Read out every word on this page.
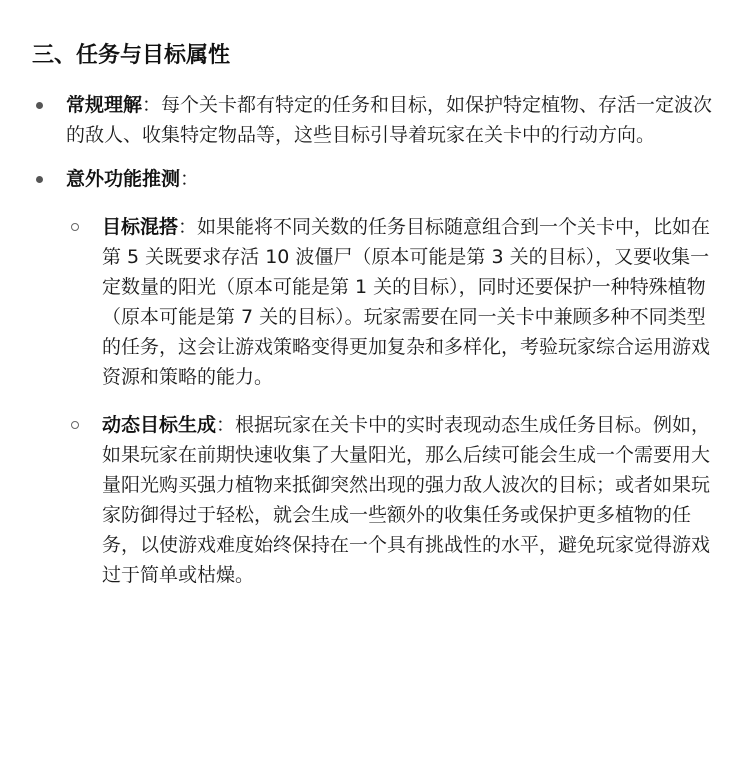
三、任务与目标属性
常规理解：每个关卡都有特定的任务和目标，如保护特定植物、存活一定波次的敌人、收集特定物品等，这些目标引导着玩家在关卡中的行动方向。
意外功能推测：
目标混搭：如果能将不同关数的任务目标随意组合到一个关卡中，比如在第 5 关既要求存活 10 波僵尸（原本可能是第 3 关的目标），又要收集一定数量的阳光（原本可能是第 1 关的目标），同时还要保护一种特殊植物（原本可能是第 7 关的目标）。玩家需要在同一关卡中兼顾多种不同类型的任务，这会让游戏策略变得更加复杂和多样化，考验玩家综合运用游戏资源和策略的能力。
动态目标生成：根据玩家在关卡中的实时表现动态生成任务目标。例如，如果玩家在前期快速收集了大量阳光，那么后续可能会生成一个需要用大量阳光购买强力植物来抵御突然出现的强力敌人波次的目标；或者如果玩家防御得过于轻松，就会生成一些额外的收集任务或保护更多植物的任务，以使游戏难度始终保持在一个具有挑战性的水平，避免玩家觉得游戏过于简单或枯燥。
